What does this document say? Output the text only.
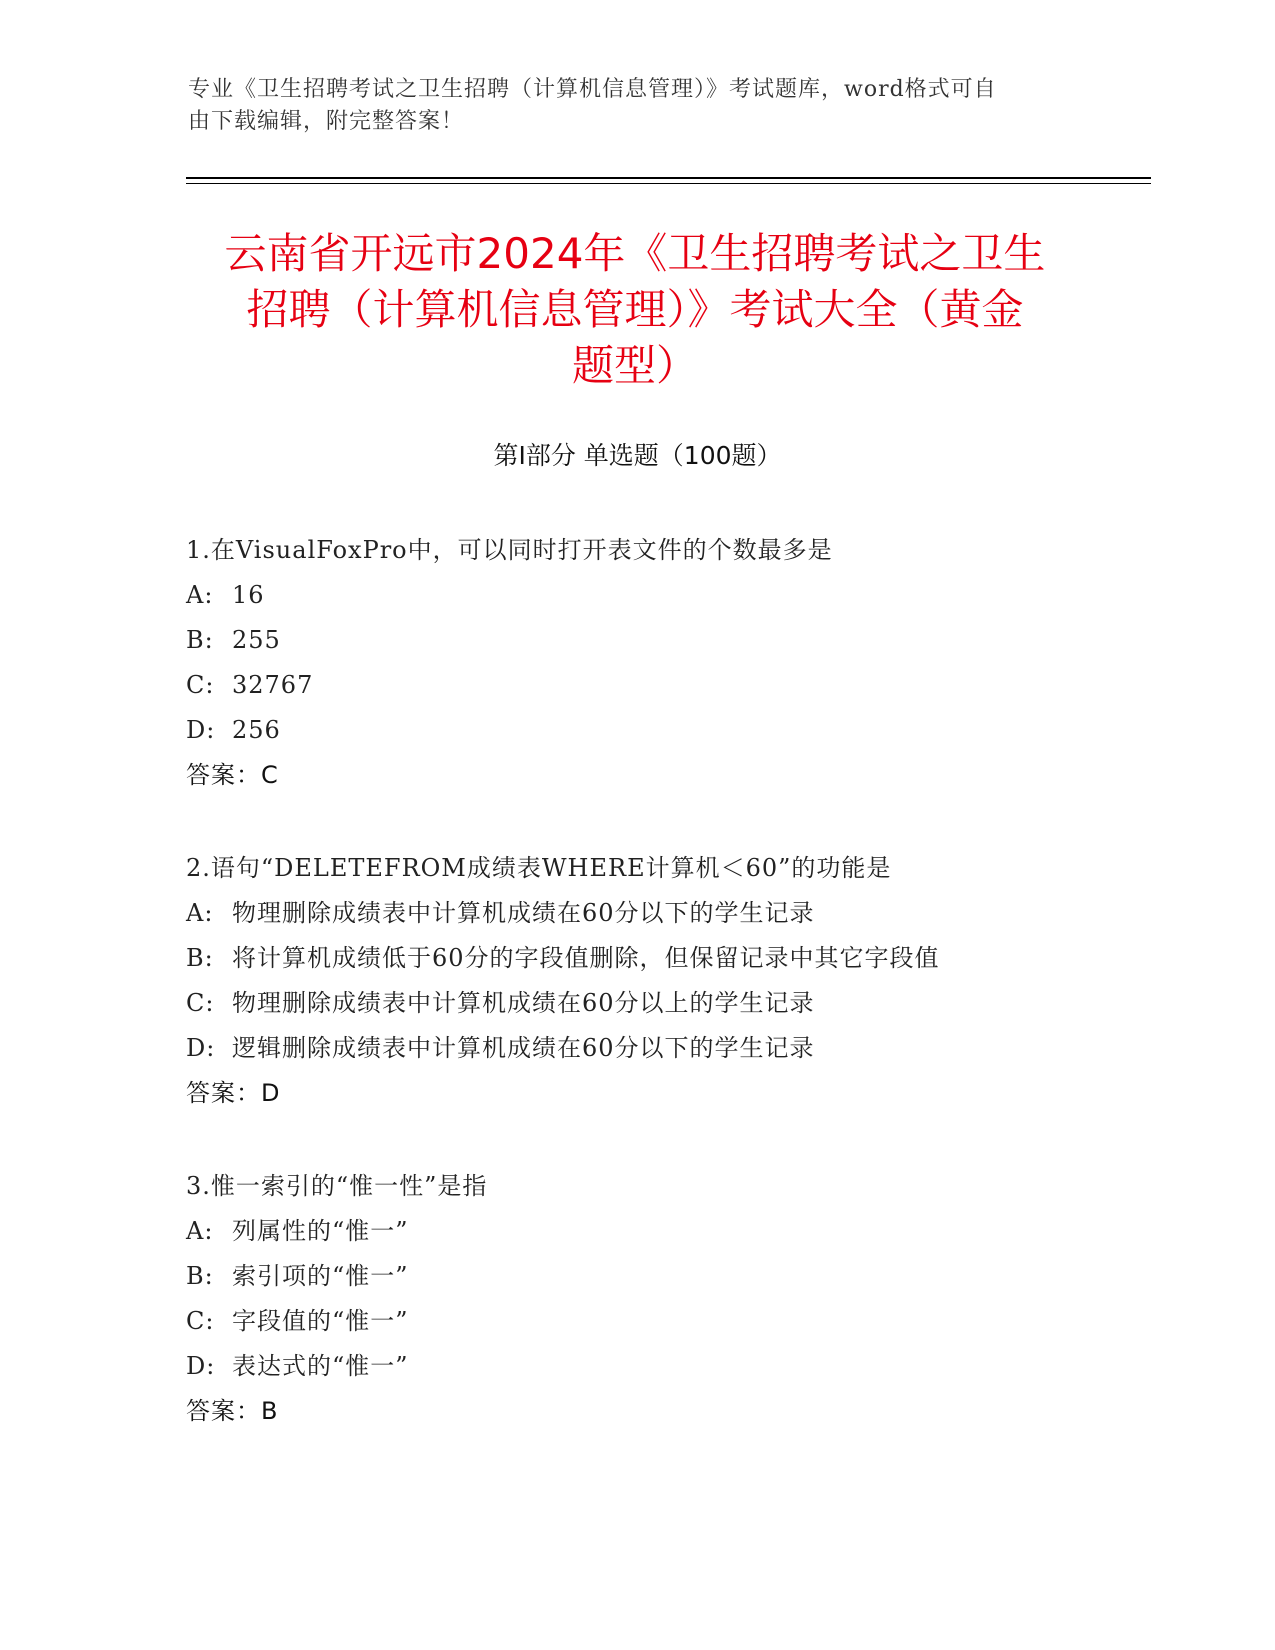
专业《卫生招聘考试之卫生招聘（计算机信息管理）》考试题库，word格式可自
由下载编辑，附完整答案！
云南省开远市2024年《卫生招聘考试之卫生
招聘（计算机信息管理）》考试大全（黄金
题型）
第Ⅰ部分 单选题（100题）
1.在VisualFoxPro中，可以同时打开表文件的个数最多是
A: 16
B: 255
C: 32767
D: 256
答案：C
2.语句“DELETEFROM成绩表WHERE计算机＜60”的功能是
A: 物理删除成绩表中计算机成绩在60分以下的学生记录
B: 将计算机成绩低于60分的字段值删除，但保留记录中其它字段值
C: 物理删除成绩表中计算机成绩在60分以上的学生记录
D: 逻辑删除成绩表中计算机成绩在60分以下的学生记录
答案：D
3.惟一索引的“惟一性”是指
A: 列属性的“惟一”
B: 索引项的“惟一”
C: 字段值的“惟一”
D: 表达式的“惟一”
答案：B
